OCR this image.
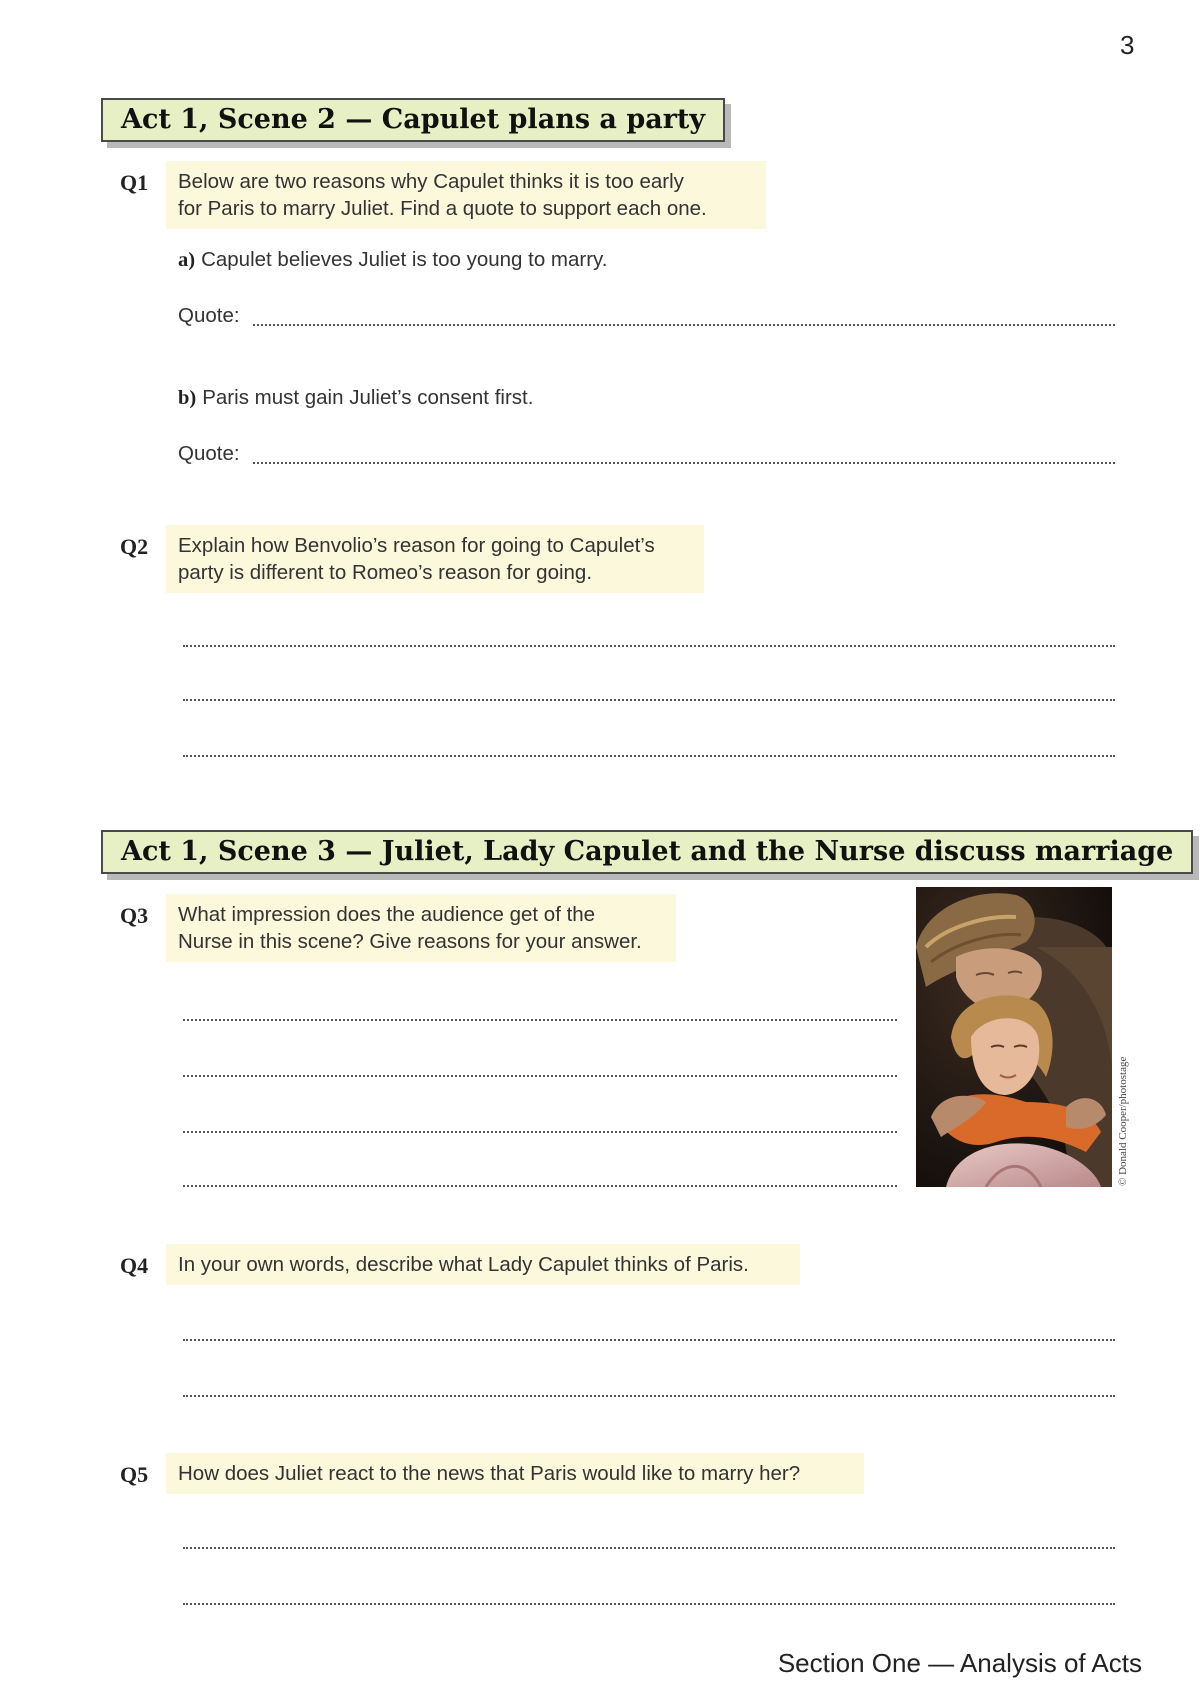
3
Act 1, Scene 2 — Capulet plans a party
Q1 Below are two reasons why Capulet thinks it is too early
for Paris to marry Juliet. Find a quote to support each one.
a) Capulet believes Juliet is too young to marry.
Quote:
b) Paris must gain Juliet’s consent first.
Quote:
Q2 Explain how Benvolio’s reason for going to Capulet’s
party is different to Romeo’s reason for going.
Act 1, Scene 3 — Juliet, Lady Capulet and the Nurse discuss marriage
Q3 What impression does the audience get of the
Nurse in this scene? Give reasons for your answer.
© Donald Cooper/photostage
Q4 In your own words, describe what Lady Capulet thinks of Paris.
Q5 How does Juliet react to the news that Paris would like to marry her?
Section One — Analysis of Acts
